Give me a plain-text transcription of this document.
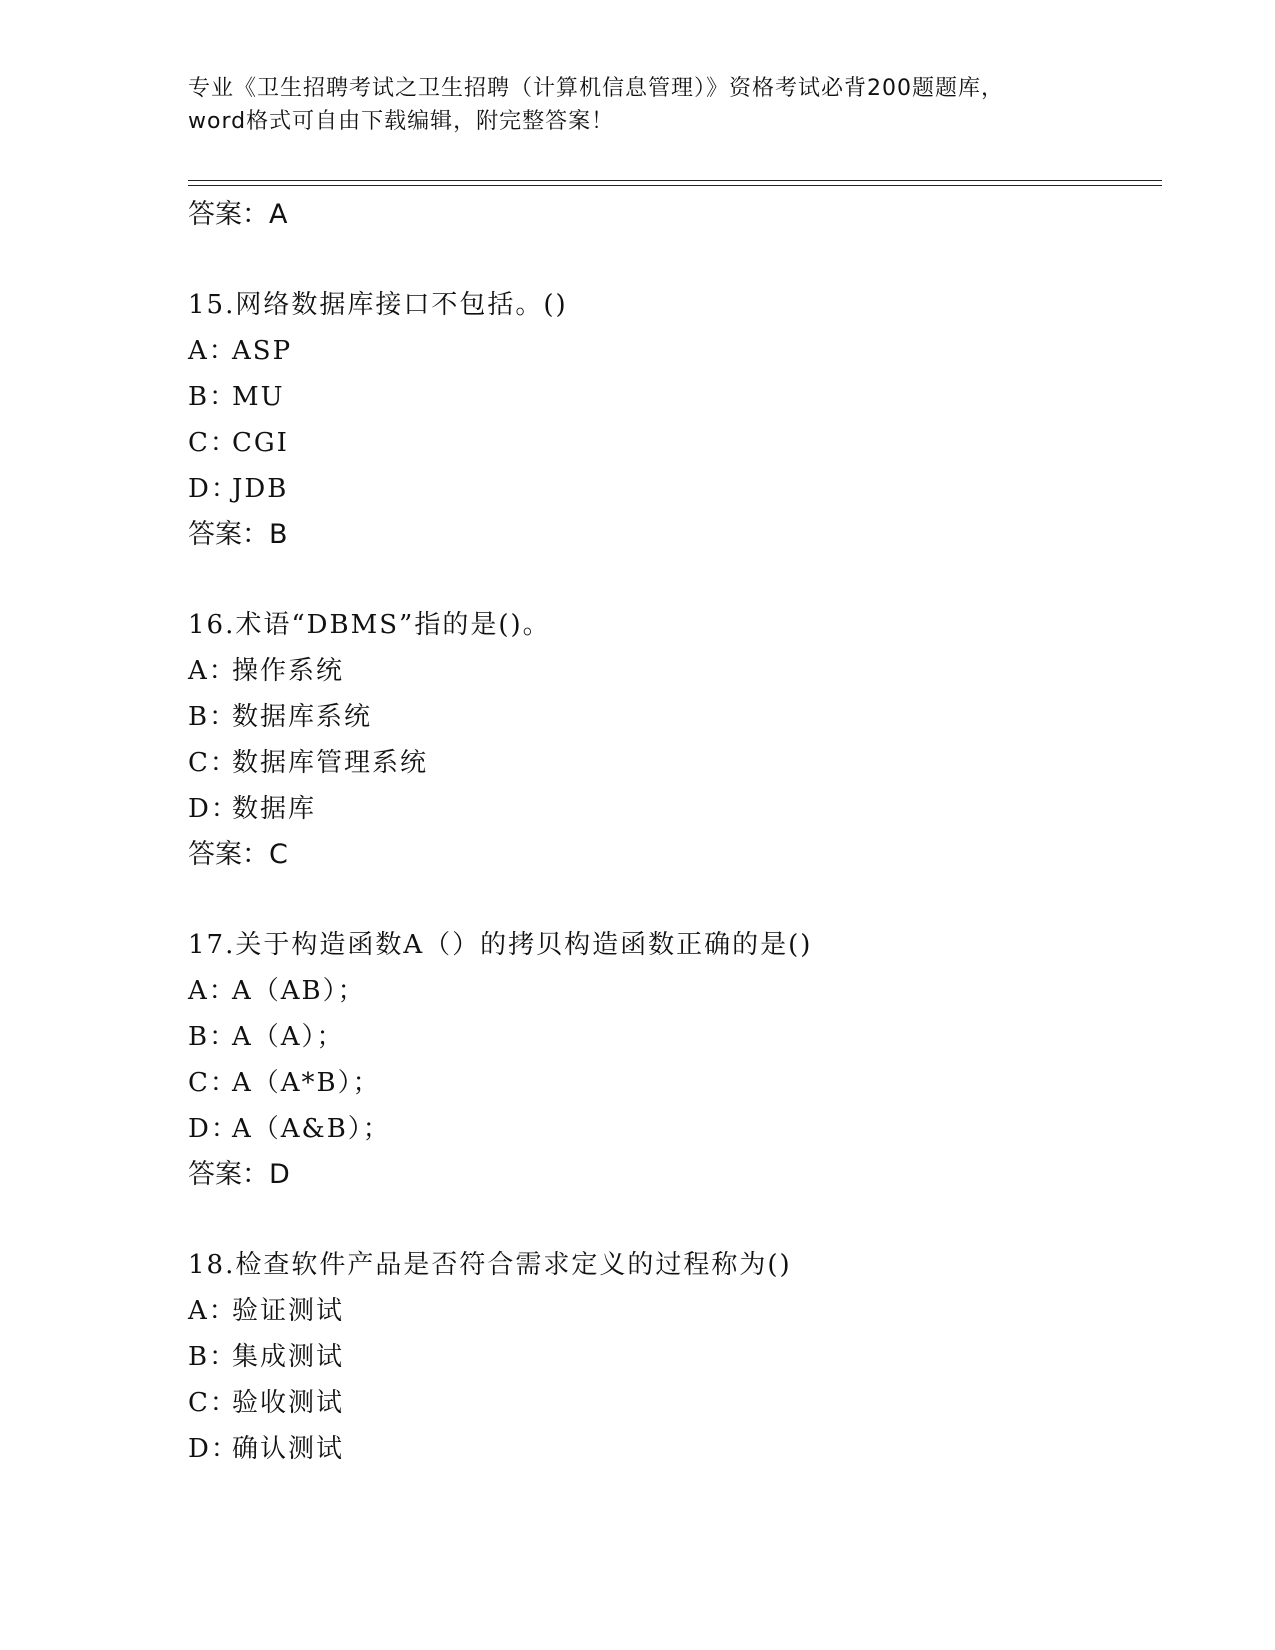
专业《卫生招聘考试之卫生招聘（计算机信息管理）》资格考试必背200题题库，
word格式可自由下载编辑，附完整答案！
答案：A
15.网络数据库接口不包括。()
A：ASP
B：MU
C：CGI
D：JDB
答案：B
16.术语“DBMS”指的是()。
A：操作系统
B：数据库系统
C：数据库管理系统
D：数据库
答案：C
17.关于构造函数A（）的拷贝构造函数正确的是()
A：A（AB）；
B：A（A）；
C：A（A*B）；
D：A（A&B）；
答案：D
18.检查软件产品是否符合需求定义的过程称为()
A：验证测试
B：集成测试
C：验收测试
D：确认测试
